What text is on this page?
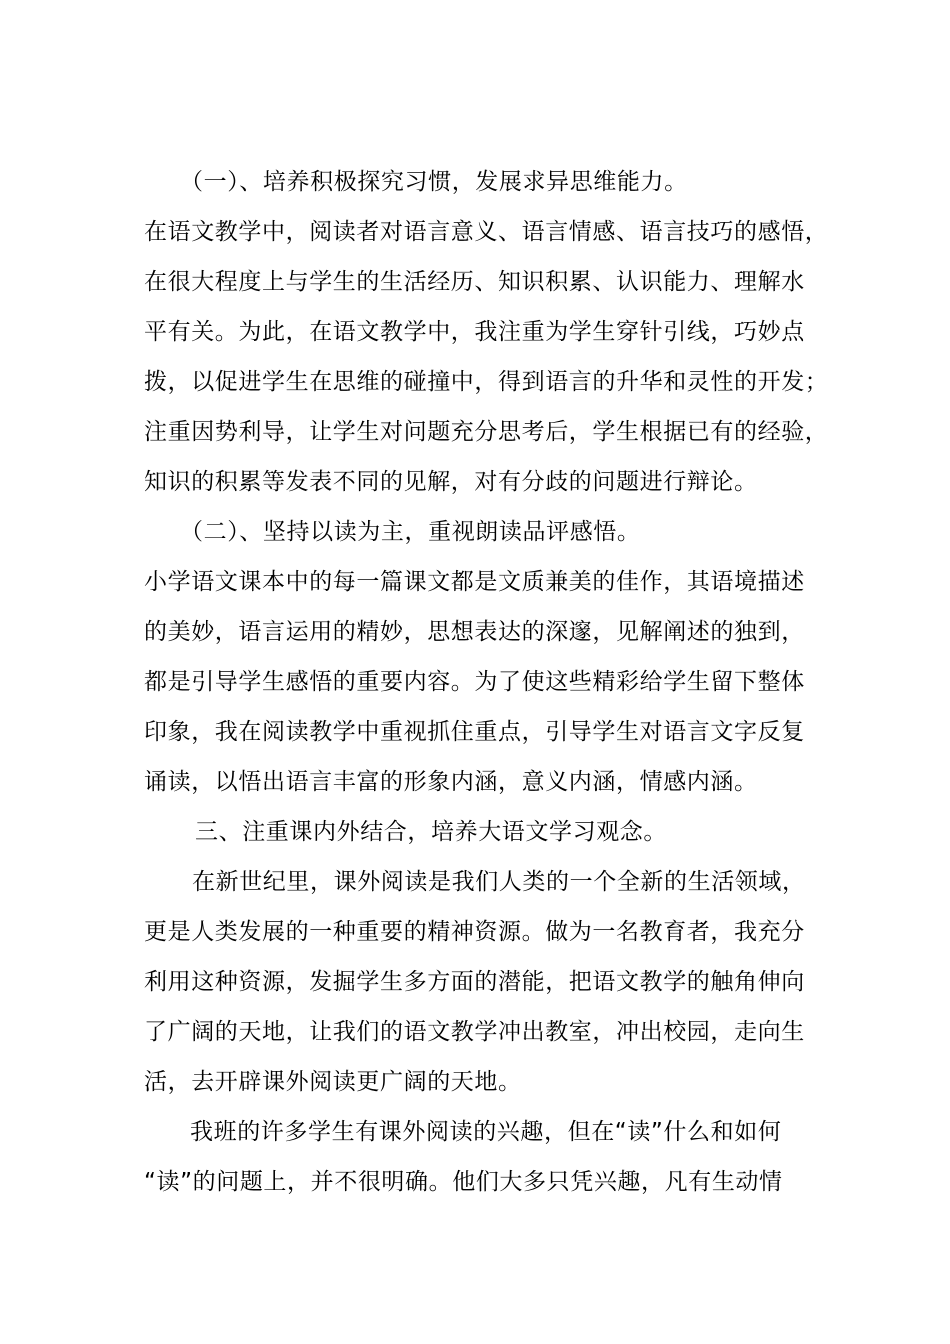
（一）、培养积极探究习惯，发展求异思维能力。
在语文教学中，阅读者对语言意义、语言情感、语言技巧的感悟，
在很大程度上与学生的生活经历、知识积累、认识能力、理解水
平有关。为此，在语文教学中，我注重为学生穿针引线，巧妙点
拨，以促进学生在思维的碰撞中，得到语言的升华和灵性的开发；
注重因势利导，让学生对问题充分思考后，学生根据已有的经验，
知识的积累等发表不同的见解，对有分歧的问题进行辩论。
（二）、坚持以读为主，重视朗读品评感悟。
小学语文课本中的每一篇课文都是文质兼美的佳作，其语境描述
的美妙，语言运用的精妙，思想表达的深邃，见解阐述的独到，
都是引导学生感悟的重要内容。为了使这些精彩给学生留下整体
印象，我在阅读教学中重视抓住重点，引导学生对语言文字反复
诵读，以悟出语言丰富的形象内涵，意义内涵，情感内涵。
三、注重课内外结合，培养大语文学习观念。
在新世纪里，课外阅读是我们人类的一个全新的生活领域，
更是人类发展的一种重要的精神资源。做为一名教育者，我充分
利用这种资源，发掘学生多方面的潜能，把语文教学的触角伸向
了广阔的天地，让我们的语文教学冲出教室，冲出校园，走向生
活，去开辟课外阅读更广阔的天地。
我班的许多学生有课外阅读的兴趣，但在“读”什么和如何
“读”的问题上，并不很明确。他们大多只凭兴趣，凡有生动情
